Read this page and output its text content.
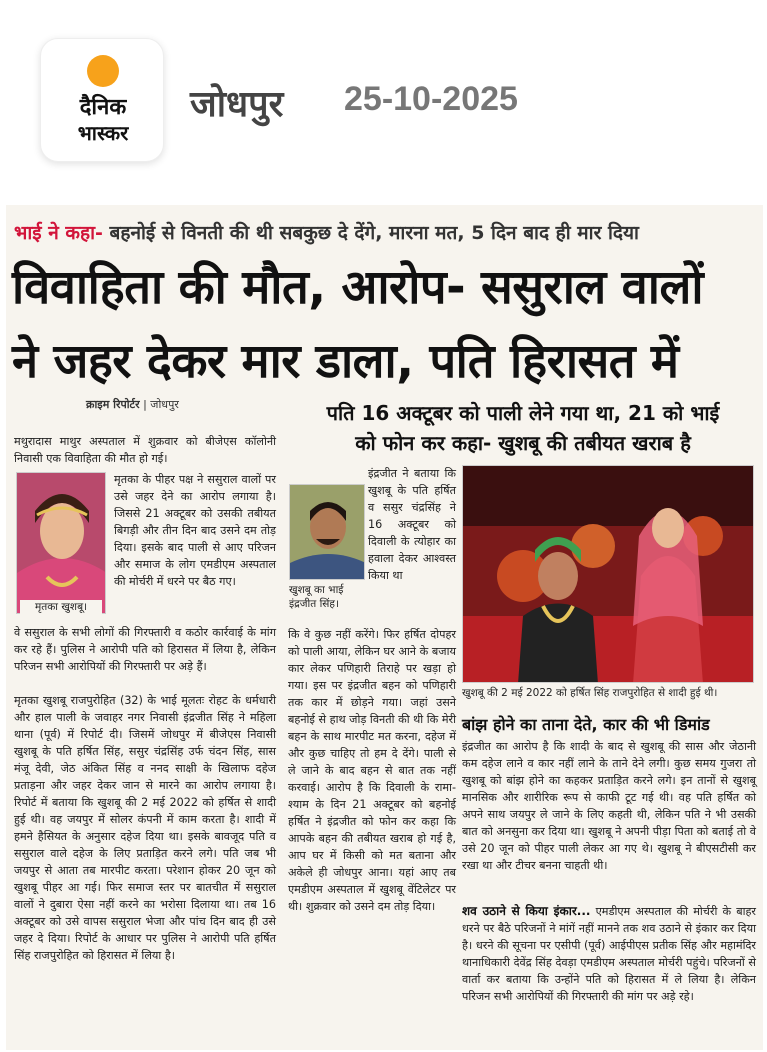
दैनिक
भास्कर
जोधपुर 25-10-2025
भाई ने कहा- बहनोई से विनती की थी सबकुछ दे देंगे, मारना मत, 5 दिन बाद ही मार दिया
विवाहिता की मौत, आरोप- ससुराल वालों
ने जहर देकर मार डाला, पति हिरासत में
क्राइम रिपोर्टर | जोधपुर	पति 16 अक्टूबर को पाली लेने गया था, 21 को भाई
को फोन कर कहा- खुशबू की तबीयत खराब है
मथुरादास माथुर अस्पताल में शुक्रवार को बीजेएस कॉलोनी निवासी एक विवाहिता की मौत हो गई।
मृतका खुशबू।
मृतका के पीहर पक्ष ने ससुराल वालों पर उसे जहर देने का आरोप लगाया है। जिससे 21 अक्टूबर को उसकी तबीयत बिगड़ी और तीन दिन बाद उसने दम तोड़ दिया। इसके बाद पाली से आए परिजन और समाज के लोग एमडीएम अस्पताल की मोर्चरी में धरने पर बैठ गए।
वे ससुराल के सभी लोगों की गिरफ्तारी व कठोर कार्रवाई के मांग कर रहे हैं। पुलिस ने आरोपी पति को हिरासत में लिया है, लेकिन परिजन सभी आरोपियों की गिरफ्तारी पर अड़े हैं।
मृतका खुशबू राजपुरोहित (32) के भाई मूलतः रोहट के धर्मधारी और हाल पाली के जवाहर नगर निवासी इंद्रजीत सिंह ने महिला थाना (पूर्व) में रिपोर्ट दी। जिसमें जोधपुर में बीजेएस निवासी खुशबू के पति हर्षित सिंह, ससुर चंद्रसिंह उर्फ चंदन सिंह, सास मंजू देवी, जेठ अंकित सिंह व ननद साक्षी के खिलाफ दहेज प्रताड़ना और जहर देकर जान से मारने का आरोप लगाया है। रिपोर्ट में बताया कि खुशबू की 2 मई 2022 को हर्षित से शादी हुई थी। वह जयपुर में सोलर कंपनी में काम करता है। शादी में हमने हैसियत के अनुसार दहेज दिया था। इसके बावजूद पति व ससुराल वाले दहेज के लिए प्रताड़ित करने लगे। पति जब भी जयपुर से आता तब मारपीट करता। परेशान होकर 20 जून को खुशबू पीहर आ गई। फिर समाज स्तर पर बातचीत में ससुराल वालों ने दुबारा ऐसा नहीं करने का भरोसा दिलाया था। तब 16 अक्टूबर को उसे वापस ससुराल भेजा और पांच दिन बाद ही उसे जहर दे दिया। रिपोर्ट के आधार पर पुलिस ने आरोपी पति हर्षित सिंह राजपुरोहित को हिरासत में लिया है।
खुशबू का भाई इंद्रजीत सिंह।

इंद्रजीत ने बताया कि खुशबू के पति हर्षित व ससुर चंद्रसिंह ने 16 अक्टूबर को दिवाली के त्योहार का हवाला देकर आश्वस्त किया था

कि वे कुछ नहीं करेंगे। फिर हर्षित दोपहर को पाली आया, लेकिन घर आने के बजाय कार लेकर पणिहारी तिराहे पर खड़ा हो गया। इस पर इंद्रजीत बहन को पणिहारी तक कार में छोड़ने गया। जहां उसने बहनोई से हाथ जोड़ विनती की थी कि मेरी बहन के साथ मारपीट मत करना, दहेज में और कुछ चाहिए तो हम दे देंगे। पाली से ले जाने के बाद बहन से बात तक नहीं करवाई। आरोप है कि दिवाली के रामा-श्याम के दिन 21 अक्टूबर को बहनोई हर्षित ने इंद्रजीत को फोन कर कहा कि आपके बहन की तबीयत खराब हो गई है, आप घर में किसी को मत बताना और अकेले ही जोधपुर आना। यहां आए तब एमडीएम अस्पताल में खुशबू वेंटिलेटर पर थी। शुक्रवार को उसने दम तोड़ दिया।
खुशबू की 2 मई 2022 को हर्षित सिंह राजपुरोहित से शादी हुई थी।
बांझ होने का ताना देते, कार की भी डिमांड
इंद्रजीत का आरोप है कि शादी के बाद से खुशबू की सास और जेठानी कम दहेज लाने व कार नहीं लाने के ताने देने लगी। कुछ समय गुजरा तो खुशबू को बांझ होने का कहकर प्रताड़ित करने लगे। इन तानों से खुशबू मानसिक और शारीरिक रूप से काफी टूट गई थी। वह पति हर्षित को अपने साथ जयपुर ले जाने के लिए कहती थी, लेकिन पति ने भी उसकी बात को अनसुना कर दिया था। खुशबू ने अपनी पीड़ा पिता को बताई तो वे उसे 20 जून को पीहर पाली लेकर आ गए थे। खुशबू ने बीएसटीसी कर रखा था और टीचर बनना चाहती थी।
शव उठाने से किया इंकार... एमडीएम अस्पताल की मोर्चरी के बाहर धरने पर बैठे परिजनों ने मांगें नहीं मानने तक शव उठाने से इंकार कर दिया है। धरने की सूचना पर एसीपी (पूर्व) आईपीएस प्रतीक सिंह और महामंदिर थानाधिकारी देवेंद्र सिंह देवड़ा एमडीएम अस्पताल मोर्चरी पहुंचे। परिजनों से वार्ता कर बताया कि उन्होंने पति को हिरासत में ले लिया है। लेकिन परिजन सभी आरोपियों की गिरफ्तारी की मांग पर अड़े रहे।
